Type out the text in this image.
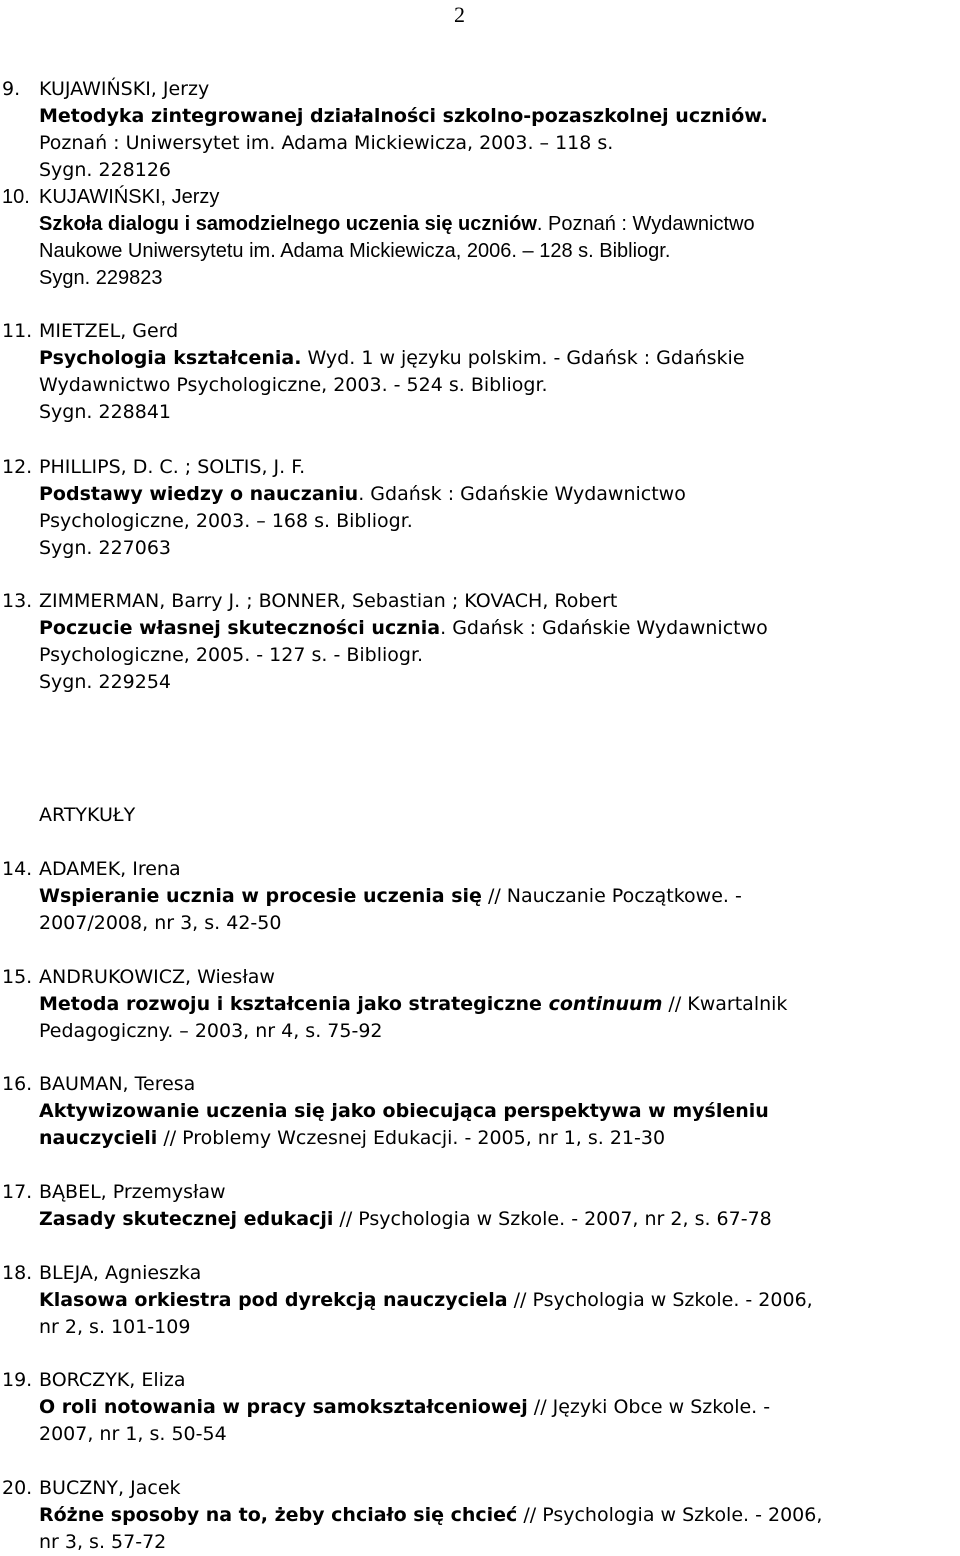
2
9. KUJAWIŃSKI, Jerzy
Metodyka zintegrowanej działalności szkolno-pozaszkolnej uczniów.
Poznań : Uniwersytet im. Adama Mickiewicza, 2003. – 118 s.
Sygn. 228126
10. KUJAWIŃSKI, Jerzy
Szkoła dialogu i samodzielnego uczenia się uczniów. Poznań : Wydawnictwo
Naukowe Uniwersytetu im. Adama Mickiewicza, 2006. – 128 s. Bibliogr.
Sygn. 229823
11. MIETZEL, Gerd
Psychologia kształcenia. Wyd. 1 w języku polskim. - Gdańsk : Gdańskie
Wydawnictwo Psychologiczne, 2003. - 524 s. Bibliogr.
Sygn. 228841
12. PHILLIPS, D. C. ; SOLTIS, J. F.
Podstawy wiedzy o nauczaniu. Gdańsk : Gdańskie Wydawnictwo
Psychologiczne, 2003. – 168 s. Bibliogr.
Sygn. 227063
13. ZIMMERMAN, Barry J. ; BONNER, Sebastian ; KOVACH, Robert
Poczucie własnej skuteczności ucznia. Gdańsk : Gdańskie Wydawnictwo
Psychologiczne, 2005. - 127 s. - Bibliogr.
Sygn. 229254
ARTYKUŁY
14. ADAMEK, Irena
Wspieranie ucznia w procesie uczenia się // Nauczanie Początkowe. -
2007/2008, nr 3, s. 42-50
15. ANDRUKOWICZ, Wiesław
Metoda rozwoju i kształcenia jako strategiczne continuum // Kwartalnik
Pedagogiczny. – 2003, nr 4, s. 75-92
16. BAUMAN, Teresa
Aktywizowanie uczenia się jako obiecująca perspektywa w myśleniu
nauczycieli // Problemy Wczesnej Edukacji. - 2005, nr 1, s. 21-30
17. BĄBEL, Przemysław
Zasady skutecznej edukacji // Psychologia w Szkole. - 2007, nr 2, s. 67-78
18. BLEJA, Agnieszka
Klasowa orkiestra pod dyrekcją nauczyciela // Psychologia w Szkole. - 2006,
nr 2, s. 101-109
19. BORCZYK, Eliza
O roli notowania w pracy samokształceniowej // Języki Obce w Szkole. -
2007, nr 1, s. 50-54
20. BUCZNY, Jacek
Różne sposoby na to, żeby chciało się chcieć // Psychologia w Szkole. - 2006,
nr 3, s. 57-72
